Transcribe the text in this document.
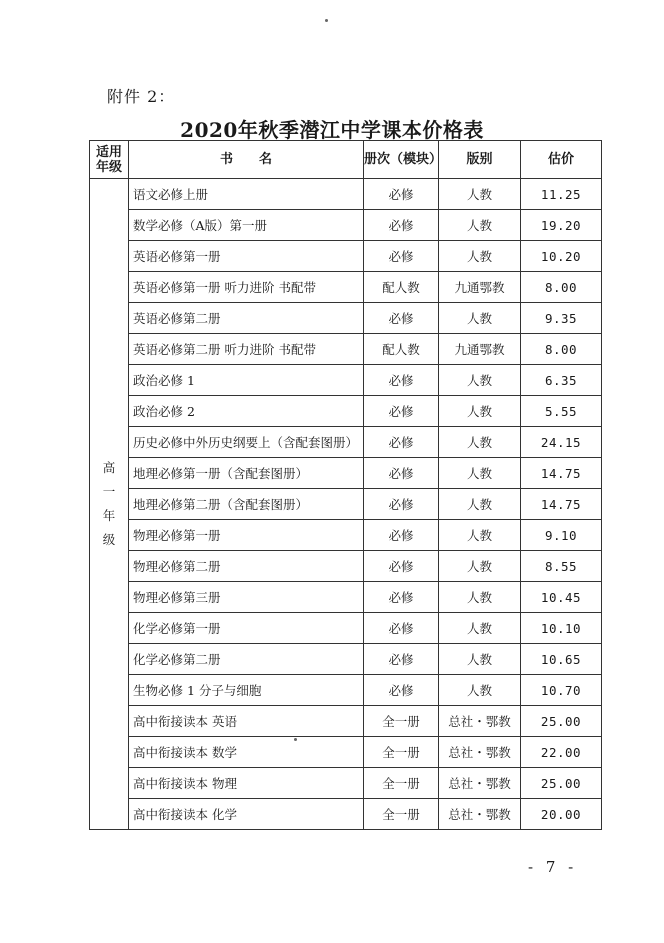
附件 2：
2020年秋季潜江中学课本价格表
适用年级	书　　名	册次（模块）	版别	估价

高
一
年
级	语文必修上册	必修	人教	11.25
	数学必修（A版）第一册	必修	人教	19.20
	英语必修第一册	必修	人教	10.20
	英语必修第一册 听力进阶 书配带	配人教	九通鄂教	8.00
	英语必修第二册	必修	人教	9.35
	英语必修第二册 听力进阶 书配带	配人教	九通鄂教	8.00
	政治必修 1	必修	人教	6.35
	政治必修 2	必修	人教	5.55
	历史必修中外历史纲要上（含配套图册）	必修	人教	24.15
	地理必修第一册（含配套图册）	必修	人教	14.75
	地理必修第二册（含配套图册）	必修	人教	14.75
	物理必修第一册	必修	人教	9.10
	物理必修第二册	必修	人教	8.55
	物理必修第三册	必修	人教	10.45
	化学必修第一册	必修	人教	10.10
	化学必修第二册	必修	人教	10.65
	生物必修 1 分子与细胞	必修	人教	10.70
	高中衔接读本 英语	全一册	总社・鄂教	25.00
	高中衔接读本 数学	全一册	总社・鄂教	22.00
	高中衔接读本 物理	全一册	总社・鄂教	25.00
	高中衔接读本 化学	全一册	总社・鄂教	20.00
- 7 -
